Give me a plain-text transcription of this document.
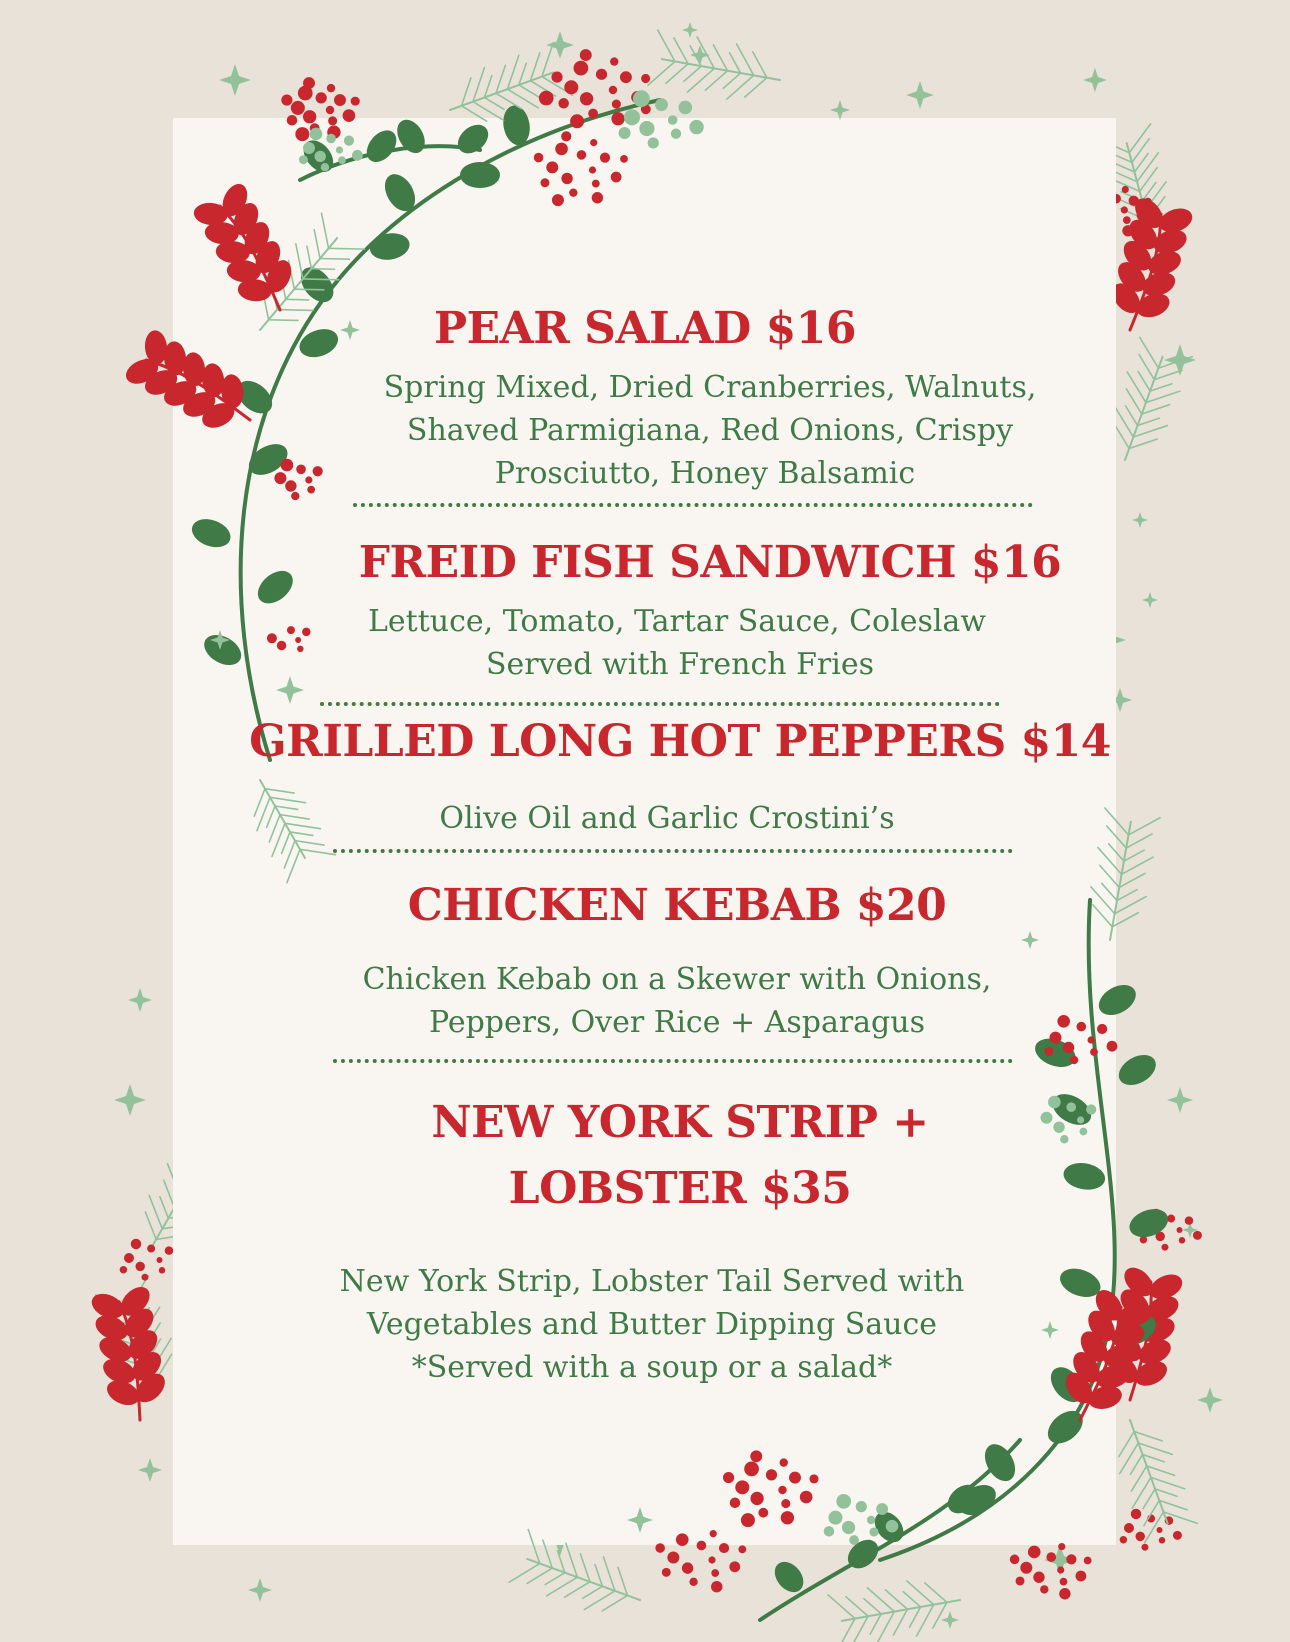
PEAR SALAD $16

Spring Mixed, Dried Cranberries, Walnuts,

Shaved Parmigiana, Red Onions, Crispy

Prosciutto, Honey Balsamic

FREID FISH SANDWICH $16

Lettuce, Tomato, Tartar Sauce, Coleslaw

Served with French Fries

GRILLED LONG HOT PEPPERS $14

Olive Oil and Garlic Crostini’s

CHICKEN KEBAB $20

Chicken Kebab on a Skewer with Onions,

Peppers, Over Rice + Asparagus

NEW YORK STRIP +

LOBSTER $35

New York Strip, Lobster Tail Served with

Vegetables and Butter Dipping Sauce

*Served with a soup or a salad*
